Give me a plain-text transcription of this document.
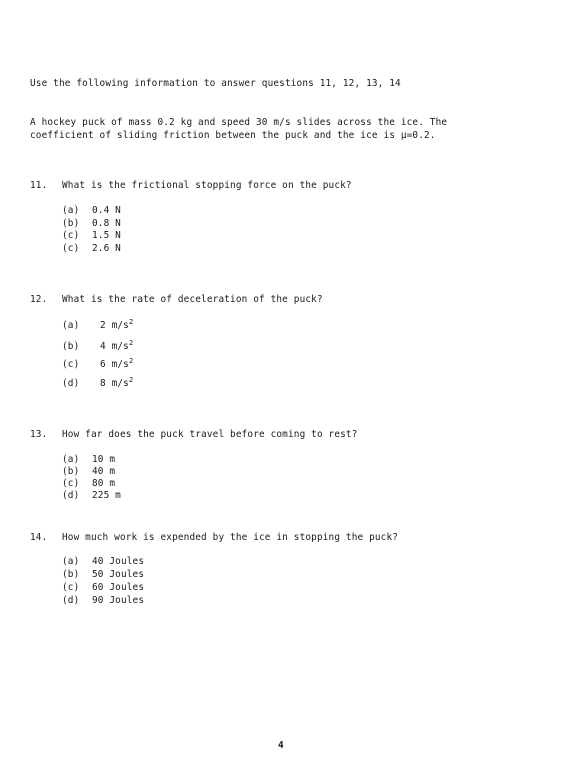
Use the following information to answer questions 11, 12, 13, 14
A hockey puck of mass 0.2 kg and speed 30 m/s slides across the ice. The
coefficient of sliding friction between the puck and the ice is μ=0.2.
11. What is the frictional stopping force on the puck?
(a) 0.4 N
(b) 0.8 N
(c) 1.5 N
(c) 2.6 N
12. What is the rate of deceleration of the puck?
(a) 2 $m/s^2$
(b) 4 $m/s^2$
(c) 6 $m/s^2$
(d) 8 $m/s^2$
13. How far does the puck travel before coming to rest?
(a) 10 m
(b) 40 m
(c) 80 m
(d) 225 m
14. How much work is expended by the ice in stopping the puck?
(a) 40 Joules
(b) 50 Joules
(c) 60 Joules
(d) 90 Joules
4
